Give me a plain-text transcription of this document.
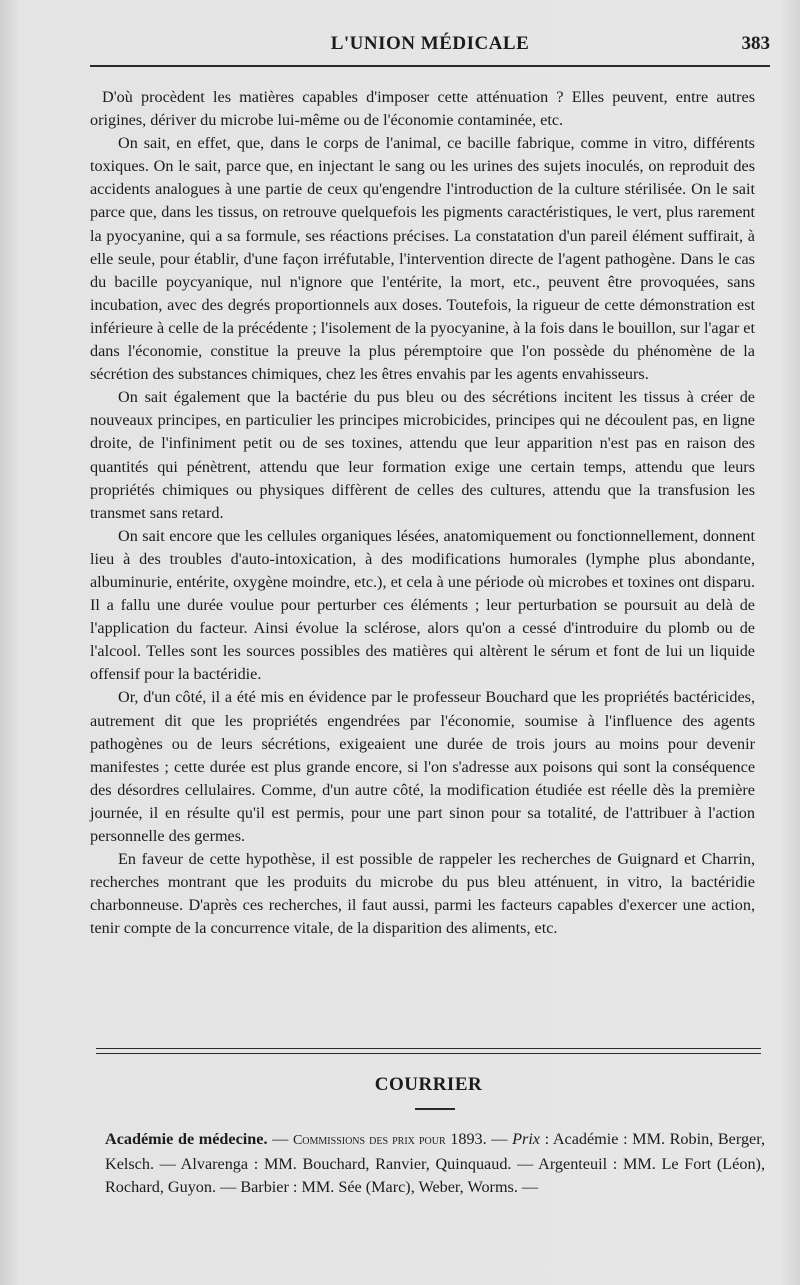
L'UNION MÉDICALE	383

D'où procèdent les matières capables d'imposer cette atténuation ? Elles peuvent, entre autres origines, dériver du microbe lui-même ou de l'économie contaminée, etc.

On sait, en effet, que, dans le corps de l'animal, ce bacille fabrique, comme in vitro, différents toxiques. On le sait, parce que, en injectant le sang ou les urines des sujets inoculés, on reproduit des accidents analogues à une partie de ceux qu'engendre l'introduction de la culture stérilisée. On le sait parce que, dans les tissus, on retrouve quelquefois les pigments caractéristiques, le vert, plus rarement la pyocyanine, qui a sa formule, ses réactions précises. La constatation d'un pareil élément suffirait, à elle seule, pour établir, d'une façon irréfutable, l'intervention directe de l'agent pathogène. Dans le cas du bacille poycyanique, nul n'ignore que l'entérite, la mort, etc., peuvent être provoquées, sans incubation, avec des degrés proportionnels aux doses. Toutefois, la rigueur de cette démonstration est inférieure à celle de la précédente ; l'isolement de la pyocyanine, à la fois dans le bouillon, sur l'agar et dans l'économie, constitue la preuve la plus péremptoire que l'on possède du phénomène de la sécrétion des substances chimiques, chez les êtres envahis par les agents envahisseurs.

On sait également que la bactérie du pus bleu ou des sécrétions incitent les tissus à créer de nouveaux principes, en particulier les principes microbicides, principes qui ne découlent pas, en ligne droite, de l'infiniment petit ou de ses toxines, attendu que leur apparition n'est pas en raison des quantités qui pénètrent, attendu que leur formation exige une certain temps, attendu que leurs propriétés chimiques ou physiques diffèrent de celles des cultures, attendu que la transfusion les transmet sans retard.

On sait encore que les cellules organiques lésées, anatomiquement ou fonctionnellement, donnent lieu à des troubles d'auto-intoxication, à des modifications humorales (lymphe plus abondante, albuminurie, entérite, oxygène moindre, etc.), et cela à une période où microbes et toxines ont disparu. Il a fallu une durée voulue pour perturber ces éléments ; leur perturbation se poursuit au delà de l'application du facteur. Ainsi évolue la sclérose, alors qu'on a cessé d'introduire du plomb ou de l'alcool. Telles sont les sources possibles des matières qui altèrent le sérum et font de lui un liquide offensif pour la bactéridie.

Or, d'un côté, il a été mis en évidence par le professeur Bouchard que les propriétés bactéricides, autrement dit que les propriétés engendrées par l'économie, soumise à l'influence des agents pathogènes ou de leurs sécrétions, exigeaient une durée de trois jours au moins pour devenir manifestes ; cette durée est plus grande encore, si l'on s'adresse aux poisons qui sont la conséquence des désordres cellulaires. Comme, d'un autre côté, la modification étudiée est réelle dès la première journée, il en résulte qu'il est permis, pour une part sinon pour sa totalité, de l'attribuer à l'action personnelle des germes.

En faveur de cette hypothèse, il est possible de rappeler les recherches de Guignard et Charrin, recherches montrant que les produits du microbe du pus bleu atténuent, in vitro, la bactéridie charbonneuse. D'après ces recherches, il faut aussi, parmi les facteurs capables d'exercer une action, tenir compte de la concurrence vitale, de la disparition des aliments, etc.

COURRIER

Académie de médecine. — Commissions des prix pour 1893. — Prix : Académie : MM. Robin, Berger, Kelsch. — Alvarenga : MM. Bouchard, Ranvier, Quinquaud. — Argenteuil : MM. Le Fort (Léon), Rochard, Guyon. — Barbier : MM. Sée (Marc), Weber, Worms. —
